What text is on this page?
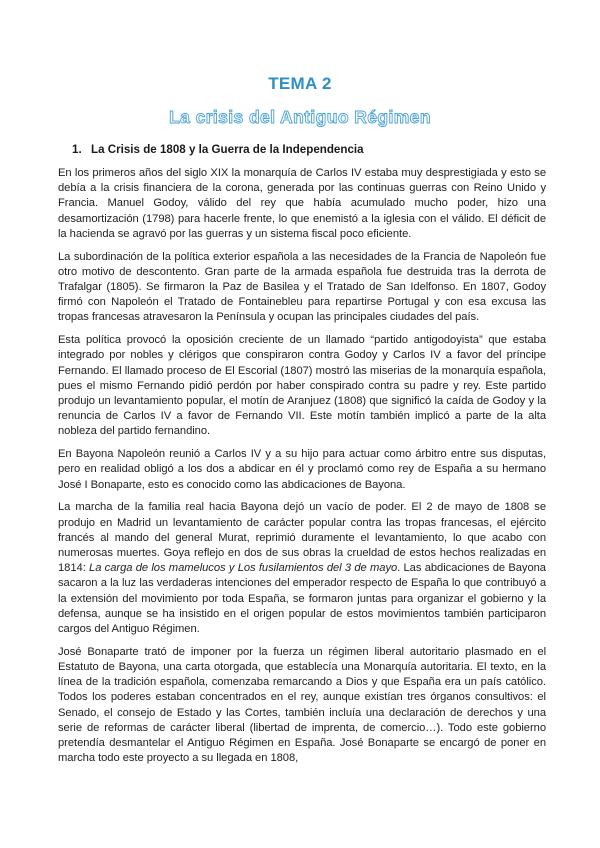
TEMA 2
La crisis del Antiguo Régimen
1. La Crisis de 1808 y la Guerra de la Independencia

En los primeros años del siglo XIX la monarquía de Carlos IV estaba muy desprestigiada y esto se debía a la crisis financiera de la corona, generada por las continuas guerras con Reino Unido y Francia. Manuel Godoy, válido del rey que había acumulado mucho poder, hizo una desamortización (1798) para hacerle frente, lo que enemistó a la iglesia con el válido. El déficit de la hacienda se agravó por las guerras y un sistema fiscal poco eficiente.

La subordinación de la política exterior española a las necesidades de la Francia de Napoleón fue otro motivo de descontento. Gran parte de la armada española fue destruida tras la derrota de Trafalgar (1805). Se firmaron la Paz de Basilea y el Tratado de San Idelfonso. En 1807, Godoy firmó con Napoleón el Tratado de Fontainebleu para repartirse Portugal y con esa excusa las tropas francesas atravesaron la Península y ocupan las principales ciudades del país.

Esta política provocó la oposición creciente de un llamado “partido antigodoyista” que estaba integrado por nobles y clérigos que conspiraron contra Godoy y Carlos IV a favor del príncipe Fernando. El llamado proceso de El Escorial (1807) mostró las miserias de la monarquía española, pues el mismo Fernando pidió perdón por haber conspirado contra su padre y rey. Este partido produjo un levantamiento popular, el motín de Aranjuez (1808) que significó la caída de Godoy y la renuncia de Carlos IV a favor de Fernando VII. Este motín también implicó a parte de la alta nobleza del partido fernandino.

En Bayona Napoleón reunió a Carlos IV y a su hijo para actuar como árbitro entre sus disputas, pero en realidad obligó a los dos a abdicar en él y proclamó como rey de España a su hermano José I Bonaparte, esto es conocido como las abdicaciones de Bayona.

La marcha de la familia real hacia Bayona dejó un vacío de poder. El 2 de mayo de 1808 se produjo en Madrid un levantamiento de carácter popular contra las tropas francesas, el ejército francés al mando del general Murat, reprimió duramente el levantamiento, lo que acabo con numerosas muertes. Goya reflejo en dos de sus obras la crueldad de estos hechos realizadas en 1814: La carga de los mamelucos y Los fusilamientos del 3 de mayo. Las abdicaciones de Bayona sacaron a la luz las verdaderas intenciones del emperador respecto de España lo que contribuyó a la extensión del movimiento por toda España, se formaron juntas para organizar el gobierno y la defensa, aunque se ha insistido en el origen popular de estos movimientos también participaron cargos del Antiguo Régimen.

José Bonaparte trató de imponer por la fuerza un régimen liberal autoritario plasmado en el Estatuto de Bayona, una carta otorgada, que establecía una Monarquía autoritaria. El texto, en la línea de la tradición española, comenzaba remarcando a Dios y que España era un país católico. Todos los poderes estaban concentrados en el rey, aunque existían tres órganos consultivos: el Senado, el consejo de Estado y las Cortes, también incluía una declaración de derechos y una serie de reformas de carácter liberal (libertad de imprenta, de comercio…). Todo este gobierno pretendía desmantelar el Antiguo Régimen en España. José Bonaparte se encargó de poner en marcha todo este proyecto a su llegada en 1808,
